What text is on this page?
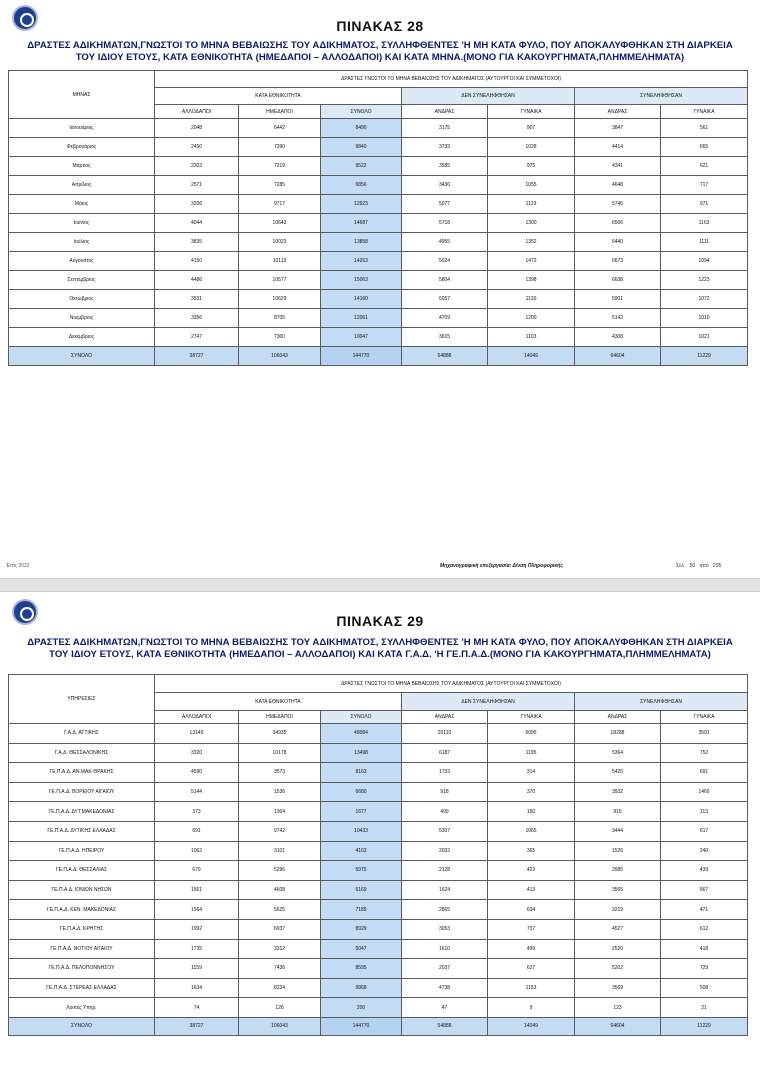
ΠΙΝΑΚΑΣ 28
ΔΡΑΣΤΕΣ ΑΔΙΚΗΜΑΤΩΝ,ΓΝΩΣΤΟΙ ΤΟ ΜΗΝΑ ΒΕΒΑΙΩΣΗΣ ΤΟΥ ΑΔΙΚΗΜΑΤΟΣ, ΣΥΛΛΗΦΘΕΝΤΕΣ 'Η ΜΗ ΚΑΤΑ ΦΥΛΟ, ΠΟΥ ΑΠΟΚΑΛΥΦΘΗΚΑΝ ΣΤΗ ΔΙΑΡΚΕΙΑ
ΤΟΥ ΙΔΙΟΥ ΕΤΟΥΣ, ΚΑΤΑ ΕΘΝΙΚΟΤΗΤΑ (ΗΜΕΔΑΠΟΙ – ΑΛΛΟΔΑΠΟΙ) ΚΑΙ ΚΑΤΑ ΜΗΝΑ.(ΜΟΝΟ ΓΙΑ ΚΑΚΟΥΡΓΗΜΑΤΑ,ΠΛΗΜΜΕΛΗΜΑΤΑ)
ΜΗΝΑΣ	ΔΡΑΣΤΕΣ ΓΝΩΣΤΟΙ ΤΟ ΜΗΝΑ ΒΕΒΑΙΩΣΗΣ ΤΟΥ ΑΔΙΚΗΜΑΤΟΣ (ΑΥΤΟΥΡΓΟΙ ΚΑΙ ΣΥΜΜΕΤΟΧΟΙ)						
	ΚΑΤΑ ΕΘΝΙΚΟΤΗΤΑ			ΔΕΝ ΣΥΝΕΛΗΦΘΗΣΑΝ		ΣΥΝΕΛΗΦΘΗΣΑΝ	
	ΑΛΛΟΔΑΠΟΙ	ΗΜΕΔΑΠΟΙ	ΣΥΝΟΛΟ	ΑΝΔΡΑΣ	ΓΥΝΑΙΚΑ	ΑΝΔΡΑΣ	ΓΥΝΑΙΚΑ
Ιανουάριος	2048	6442	8490	3175	907	3847	561
Φεβρουάριος	2450	7390	9840	3733	1028	4414	665
Μάρτιος	2303	7219	9522	3585	975	4341	621
Απρίλιος	2571	7285	9856	3436	1055	4648	717
Μάιος	3206	9717	12923	5077	1129	5746	971
Ιούνιος	4044	10643	14687	5718	1300	6506	1163
Ιούλιος	3835	10023	13858	4955	1352	6440	1111
Αύγουστος	4150	10113	14263	5024	1472	6673	1094
Σεπτέμβριος	4486	10577	15063	5804	1398	6638	1223
Οκτώβριος	3531	10629	14160	6057	1130	5901	1072
Νοέμβριος	3356	8705	12061	4709	1200	5142	1010
Δεκέμβριος	2747	7300	10047	3615	1103	4308	1021
ΣΥΝΟΛΟ	38727	106043	144770	54888	14049	64604	11229
Έτος 2022	Μηχανογραφική επεξεργασία: Δ/νση Πληροφορικής	Σελ. 50 από 295
ΠΙΝΑΚΑΣ 29
ΔΡΑΣΤΕΣ ΑΔΙΚΗΜΑΤΩΝ,ΓΝΩΣΤΟΙ ΤΟ ΜΗΝΑ ΒΕΒΑΙΩΣΗΣ ΤΟΥ ΑΔΙΚΗΜΑΤΟΣ, ΣΥΛΛΗΦΘΕΝΤΕΣ 'Η ΜΗ ΚΑΤΑ ΦΥΛΟ, ΠΟΥ ΑΠΟΚΑΛΥΦΘΗΚΑΝ ΣΤΗ ΔΙΑΡΚΕΙΑ
ΤΟΥ ΙΔΙΟΥ ΕΤΟΥΣ, ΚΑΤΑ ΕΘΝΙΚΟΤΗΤΑ (ΗΜΕΔΑΠΟΙ – ΑΛΛΟΔΑΠΟΙ) ΚΑΙ ΚΑΤΑ Γ.Α.Δ. 'Η ΓΕ.Π.Α.Δ.(ΜΟΝΟ ΓΙΑ ΚΑΚΟΥΡΓΗΜΑΤΑ,ΠΛΗΜΜΕΛΗΜΑΤΑ)
ΥΠΗΡΕΣΙΕΣ	ΔΡΑΣΤΕΣ ΓΝΩΣΤΟΙ ΤΟ ΜΗΝΑ ΒΕΒΑΙΩΣΗΣ ΤΟΥ ΑΔΙΚΗΜΑΤΟΣ (ΑΥΤΟΥΡΓΟΙ ΚΑΙ ΣΥΜΜΕΤΟΧΟΙ)						
	ΚΑΤΑ ΕΘΝΙΚΟΤΗΤΑ			ΔΕΝ ΣΥΝΕΛΗΦΘΗΣΑΝ		ΣΥΝΕΛΗΦΘΗΣΑΝ	
	ΑΛΛΟΔΑΠΟΙ	ΗΜΕΔΑΠΟΙ	ΣΥΝΟΛΟ	ΑΝΔΡΑΣ	ΓΥΝΑΙΚΑ	ΑΝΔΡΑΣ	ΓΥΝΑΙΚΑ
Γ.Α.Δ. ΑΤΤΙΚΗΣ	13149	34935	48084	20110	6095	18288	3591
Γ.Α.Δ. ΘΕΣΣΑΛΟΝΙΚΗΣ	3320	10178	13498	6187	1195	5364	752
ΓΕ.Π.Α.Δ. ΑΝ.ΜΑΚ-ΘΡΑΚΗΣ	4590	3573	8163	1733	314	5425	691
ΓΕ.Π.Α.Δ. ΒΟΡΕΙΟΥ ΑΙΓΑΙΟΥ	5144	1536	6680	918	370	3932	1460
ΓΕ.Π.Α.Δ. ΔΥΤ.ΜΑΚΕΔΟΝΙΑΣ	373	1304	1677	499	150	915	113
ΓΕ.Π.Α.Δ. ΔΥΤΙΚΗΣ ΕΛΛΑΔΑΣ	691	9742	10433	5307	1065	3444	617
ΓΕ.Π.Α.Δ. ΗΠΕΙΡΟΥ	1062	3101	4163	2032	365	1526	240
ΓΕ.Π.Α.Δ. ΘΕΣΣΑΛΙΑΣ	679	5296	5975	2128	423	2985	439
ΓΕ.Π.Α.Δ. ΙΟΝΙΩΝ ΝΗΣΩΝ	1561	4608	6169	1624	413	3565	567
ΓΕ.Π.Α.Δ. ΚΕΝ. ΜΑΚΕΔΟΝΙΑΣ	1564	5625	7189	2865	634	3219	471
ΓΕ.Π.Α.Δ. ΚΡΗΤΗΣ	1992	6937	8929	3053	737	4527	612
ΓΕ.Π.Α.Δ. ΝΟΤΙΟΥ ΑΙΓΑΙΟΥ	1735	3312	5047	1610	499	2520	418
ΓΕ.Π.Α.Δ. ΠΕΛΟΠΟΝΝΗΣΟΥ	1159	7436	8595	2037	627	5202	729
ΓΕ.Π.Α.Δ. ΣΤΕΡΕΑΣ ΕΛΛΑΔΑΣ	1634	8234	9868	4738	1153	3569	508
Λοιπές Υπηρ.	74	126	200	47	9	123	21
ΣΥΝΟΛΟ	38727	106043	144770	54888	14049	64604	11229
